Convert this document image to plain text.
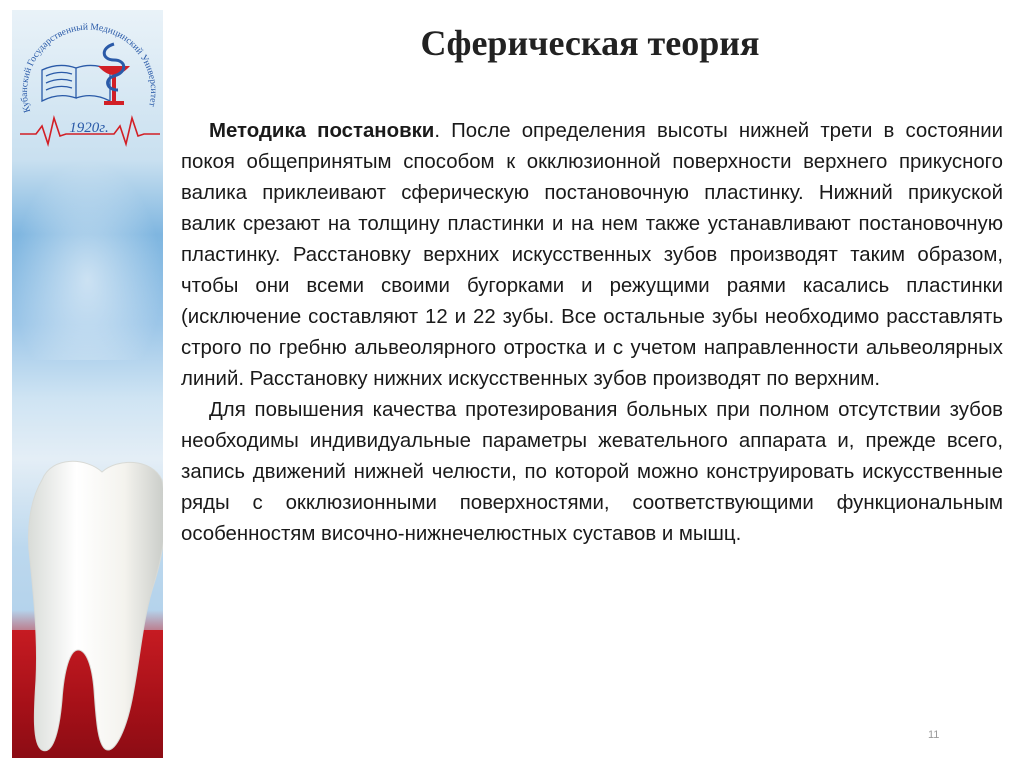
Кубанский Государственный Медицинский Университет
1920г.
Сферическая теория

Методика постановки. После определения высоты нижней трети в состоянии покоя общепринятым способом к окклюзионной поверхности верхнего прикусного валика приклеивают сферическую постановочную пластинку. Нижний прикуской валик срезают на толщину пластинки и на нем также устанавливают постановочную пластинку. Расстановку верхних искусственных зубов производят таким образом, чтобы они всеми своими бугорками и режущими раями касались пластинки (исключение составляют 12 и 22 зубы. Все остальные зубы необходимо расставлять строго по гребню альвеолярного отростка и с учетом направленности альвеолярных линий. Расстановку нижних искусственных зубов производят по верхним.

Для повышения качества протезирования больных при полном отсутствии зубов необходимы индивидуальные параметры жевательного аппарата и, прежде всего, запись движений нижней челюсти, по которой можно конструировать искусственные ряды с окклюзионными поверхностями, соответствующими функциональным особенностям височно-нижнечелюстных суставов и мышц.

11
